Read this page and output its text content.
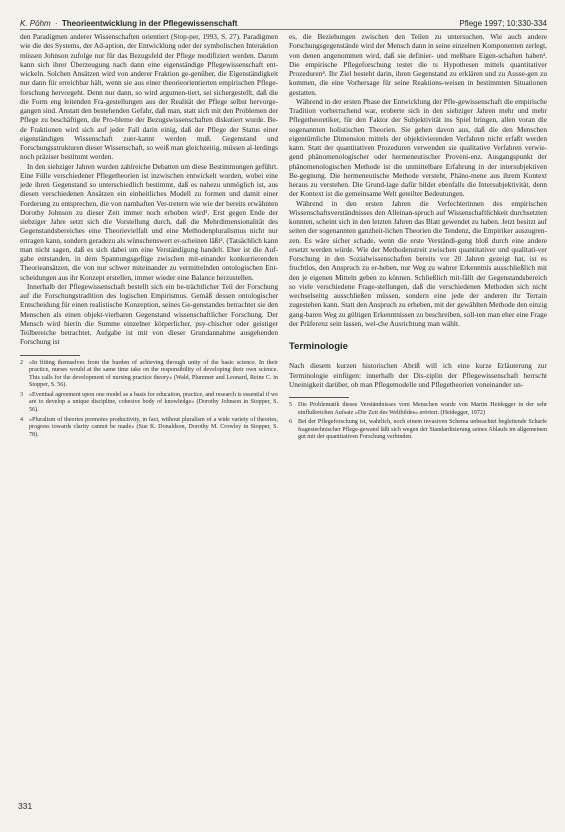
K. Pöhm · Theorieentwicklung in der Pflegewissenschaft	Pflege 1997; 10:330-334

den Paradigmen anderer Wissenschaften orientiert (Stop-per, 1993, S. 27). Paradigmen wie die des Systems, der Ad-aption, der Entwicklung oder der symbolischen Interaktion müssen Johnson zufolge nur für das Bezugsfeld der Pflege modifiziert werden. Darum kann sich ihrer Überzeugung nach dann eine eigenständige Pflegewissenschaft ent-wickeln. Solchen Ansätzen wird von anderer Fraktion ge-genüber, die Eigenständigkeit nur dann für erreichbar hält, wenn sie aus einer theorieorientierten empirischen Pflege-forschung hervorgeht. Denn nur dann, so wird argumen-tiert, sei sichergestellt, daß die die Form eng leitenden Fra-gestellungen aus der Realität der Pflege selbst hervorge-gangen sind. Anstatt den bestehenden Gefahr, daß man, statt sich mit den Problemen der Pflege zu beschäftigen, die Pro-bleme der Bezugswissenschaften diskutiert wurde. Be-de Fraktionen wird sich auf jeder Fall darin einig, daß der Pflege der Status einer eigenständigen Wissenschaft zuer-kannt werden muß. Gegenstand und Forschungsstrukturen dieser Wissenschaft, so weiß man gleichzeitig, müssen al-lerdings noch präziser bestimmt werden.

In den siebziger Jahren wurden zahlreiche Debatten um diese Bestimmungen geführt. Eine Fülle verschiedener Pflegetheorien ist inzwischen entwickelt worden, wobei eine jede ihren Gegenstand so unterschiedlich bestimmt, daß es nahezu unmöglich ist, aus diesen verschiedenen Ansätzen ein einheitliches Modell zu formen und damit einer Forderung zu entsprechen, die von namhaften Ver-tretern wie wie der bereits erwähnten Dorothy Johnson zu dieser Zeit immer noch erhoben wird¹. Erst gegen Ende der siebziger Jahre setzt sich die Vorstellung durch, daß die Mehrdimensionalität des Gegenstandsbereiches eine Theorievielfalt und eine Methodenpluralismus nicht nur ertragen kann, sondern geradezu als wünschenswert er-scheinen läßt². (Tatsächlich kann man nicht sagen, daß es sich dabei um eine Verständigung handelt. Eher ist die Auf-gabe entstanden, in dem Spannungsgefüge zwischen mit-einander konkurrierenden Theorieansätzen, die von nur schwer miteinander zu vermittelnden ontologischen Ent-scheidungen aus ihr Konzept erstellen, immer wieder eine Balance herzustellen.

Innerhalb der Pflegewissenschaft bestellt sich ein be-trächtlicher Teil der Forschung auf die Forschungstradition des logischen Empirismus. Gemäß dessen ontologischer Entscheidung für einen realistische Konzeption, seines Ge-genstandes betrachtet sie den Menschen als einen objekt-vierbaren Gegenstand wissenschaftlicher Forschung. Der Mensch wird hierin die Summe einzelner körperlicher, psy-chischer oder geistiger Teilbereiche betrachtet. Aufgabe ist mit von dieser Grundannahme ausgehenden Forschung ist

2 »In fitting themselves from the burden of achieving through unity of the basic science. In their practice, nurses would at the same time take on the responsibility of developing their own science. This calls for the development of nursing practice theory« (Wald, Plummer and Leonard, Reine C. in Stopper, S. 56).
3 »Eventual agreement upon one model as a basis for education, practice, and research is essential if we are to develop a unique discipline, cohesive body of knowledge« (Dorothy Johnson in Stopper, S. 56).
4 »Pluralism of theories promotes productivity, in fact, without pluralism of a wide variety of theories, progress towards clarity cannot be made« (Sue K. Donaldson, Dorothy M. Crowley in Stopper, S. 78).

es, die Beziehungen zwischen den Teilen zu untersuchen. Wie auch andere Forschungsgegenstände wird der Mensch dann in seine einzelnen Komponenten zerlegt, von denen angenommen wird, daß sie definier- und meßbare Eigen-schaften haben³. Die empirische Pflegeforschung testet die ts Hypothesen mittels quantitativer Prozeduren⁴. Ihr Ziel besteht darin, ihren Gegenstand zu erklären und zu Ausse-gen zu kommen, die eine Vorhersage für seine Reaktions-weisen in bestimmten Situationen gestatten.

Während in der ersten Phase der Entwicklung der Pfle-gewissenschaft die empirische Tradition vorherrschend war, eroberte sich in den siebziger Jahren mehr und mehr Pflegetheoretiker, für den Faktor der Subjektivität ins Spiel bringen, allen voran die sogenannten holistischen Theorien. Sie gehen davon aus, daß die den Menschen eigentümliche Dimension mittels der objektivierenden Verfahren nicht erfaßt werden kann. Statt der quantitativen Prozeduren verwenden sie qualitative Verfahren verwie-gend phänomenologischer oder hermeneutischer Proveni-enz. Ausgangspunkt der phänomenologischen Methode ist die unmittelbare Erfahrung in der intersubjektiven Be-gegnung. Die hermeneutische Methode versteht, Phäno-mene aus ihrem Kontext heraus zu verstehen. Die Grund-lage dafür bildet ebenfalls die Intersubjektivität, denn der Kontext ist die gemeinsame Welt geteilter Bedeutungen.

Während in den ersten Jahren die Verfechterinnen des empirischen Wissenschaftsverständnisses den Alleinan-spruch auf Wissenschaftlichkeit durchsetzten konnten, scheint sich in den letzten Jahren das Blatt gewendet zu haben. Jetzt besitzt auf seiten der sogenannten ganzheit-lichen Theorien die Tendenz, die Empiriker auszugren-zen. Es wäre sicher schade, wenn die erste Verständi-gung bloß durch eine andere ersetzt werden würde. Wie der Methodenstreit zwischen quantitativer und qualitati-ver Forschung in den Sozialwissenschaften bereits vor 20 Jahren gezeigt hat, ist es fruchtlos, den Anspruch zu er-heben, nur Weg zu wahrer Erkenntnis ausschließlich mit den je eigenen Mitteln geben zu können. Schließlich mit-fällt der Gegenstandsbereich so viele verschiedene Frage-stellungen, daß die verschiedenen Methoden sich nicht wechselseitig ausschließen müssen, sondern eine jede der anderen ihr Terrain zugestehen kann. Statt den Anspruch zu erheben, mit der gewählten Methode den einzig gang-baren Weg zu gültigen Erkenntnissen zu beschreiben, soll-ten man eher eine Frage der Präferenz sein lassen, wel-che Ausrichtung man wählt.

Terminologie

Nach diesem kurzen historischen Abriß will ich eine kurze Erläuterung zur Terminologie einfügen: innerhalb der Dis-ziplin der Pflegewissenschaft herrscht Uneinigkeit darüber, ob man Pflegemodelle und Pflegetheorien voneinander un-

5 Die Problematik dieses Verständnisses vom Menschen wurde von Martin Heidegger in der sehr einflußreichen Aufsatz »Die Zeit des Weltbildes« erörtert. (Heidegger, 1972)
6 Bei der Pflegeforschung ist, wahrlich, noch einem invasiven Schema unbeachtet begleitende Scharfe fragestechnischer Pflege-gewand läßt sich wegen der Standardisierung seines Ablaufs im allgemeinen gut mit der quantitativen Forschung verbinden.
331
